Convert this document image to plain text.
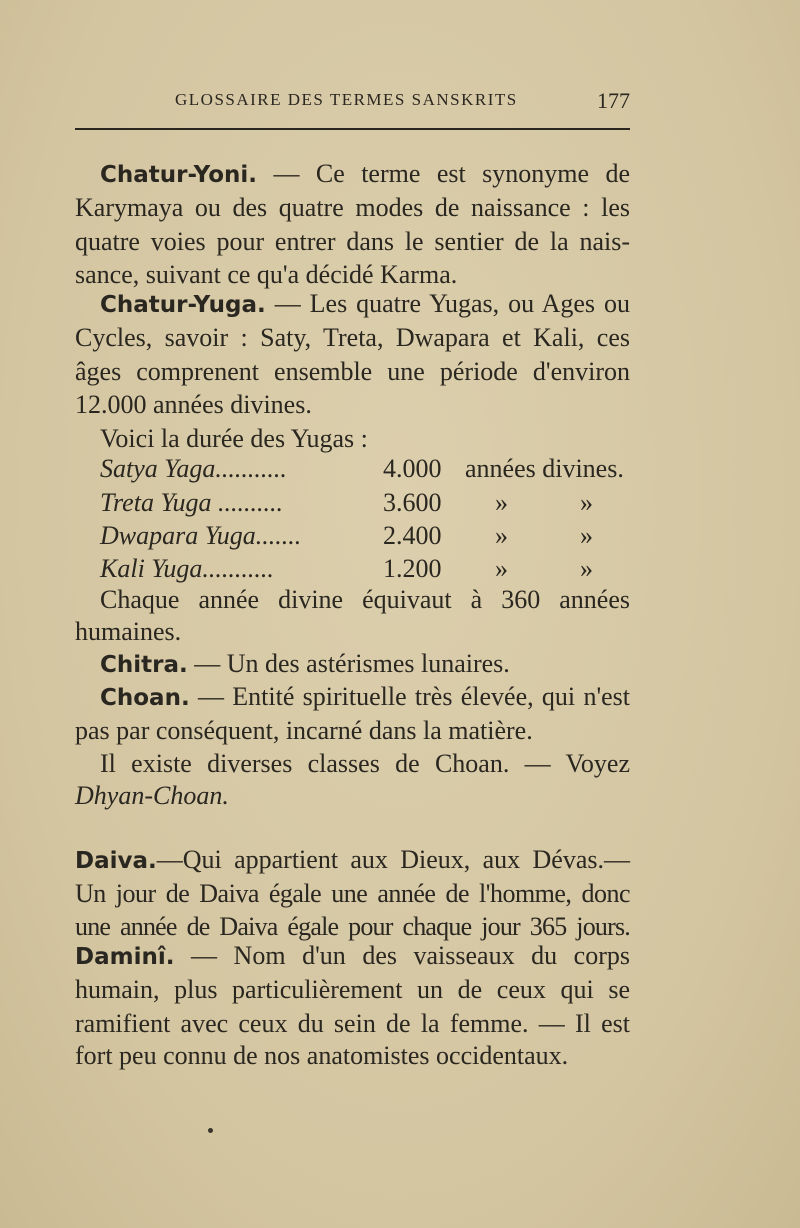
GLOSSAIRE DES TERMES SANSKRITS	177
Chatur-Yoni. — Ce terme est synonyme de
Karymaya ou des quatre modes de naissance : les
quatre voies pour entrer dans le sentier de la nais-
sance, suivant ce qu'a décidé Karma.
Chatur-Yuga. — Les quatre Yugas, ou Ages ou
Cycles, savoir : Saty, Treta, Dwapara et Kali, ces
âges comprenent ensemble une période d'environ
12.000 années divines.
Voici la durée des Yugas :
Satya Yaga...........	4.000 années divines.
Treta Yuga ..........	3.600 »	»
Dwapara Yuga.......	2.400 »	»
Kali Yuga...........	1.200 »	»
Chaque année divine équivaut à 360 années
humaines.
Chitra. — Un des astérismes lunaires.
Choan. — Entité spirituelle très élevée, qui n'est
pas par conséquent, incarné dans la matière.
Il existe diverses classes de Choan. — Voyez
Dhyan-Choan.
Daiva.—Qui appartient aux Dieux, aux Dévas.—
Un jour de Daiva égale une année de l'homme, donc
une année de Daiva égale pour chaque jour 365 jours.
Daminî. — Nom d'un des vaisseaux du corps
humain, plus particulièrement un de ceux qui se
ramifient avec ceux du sein de la femme. — Il est
fort peu connu de nos anatomistes occidentaux.
